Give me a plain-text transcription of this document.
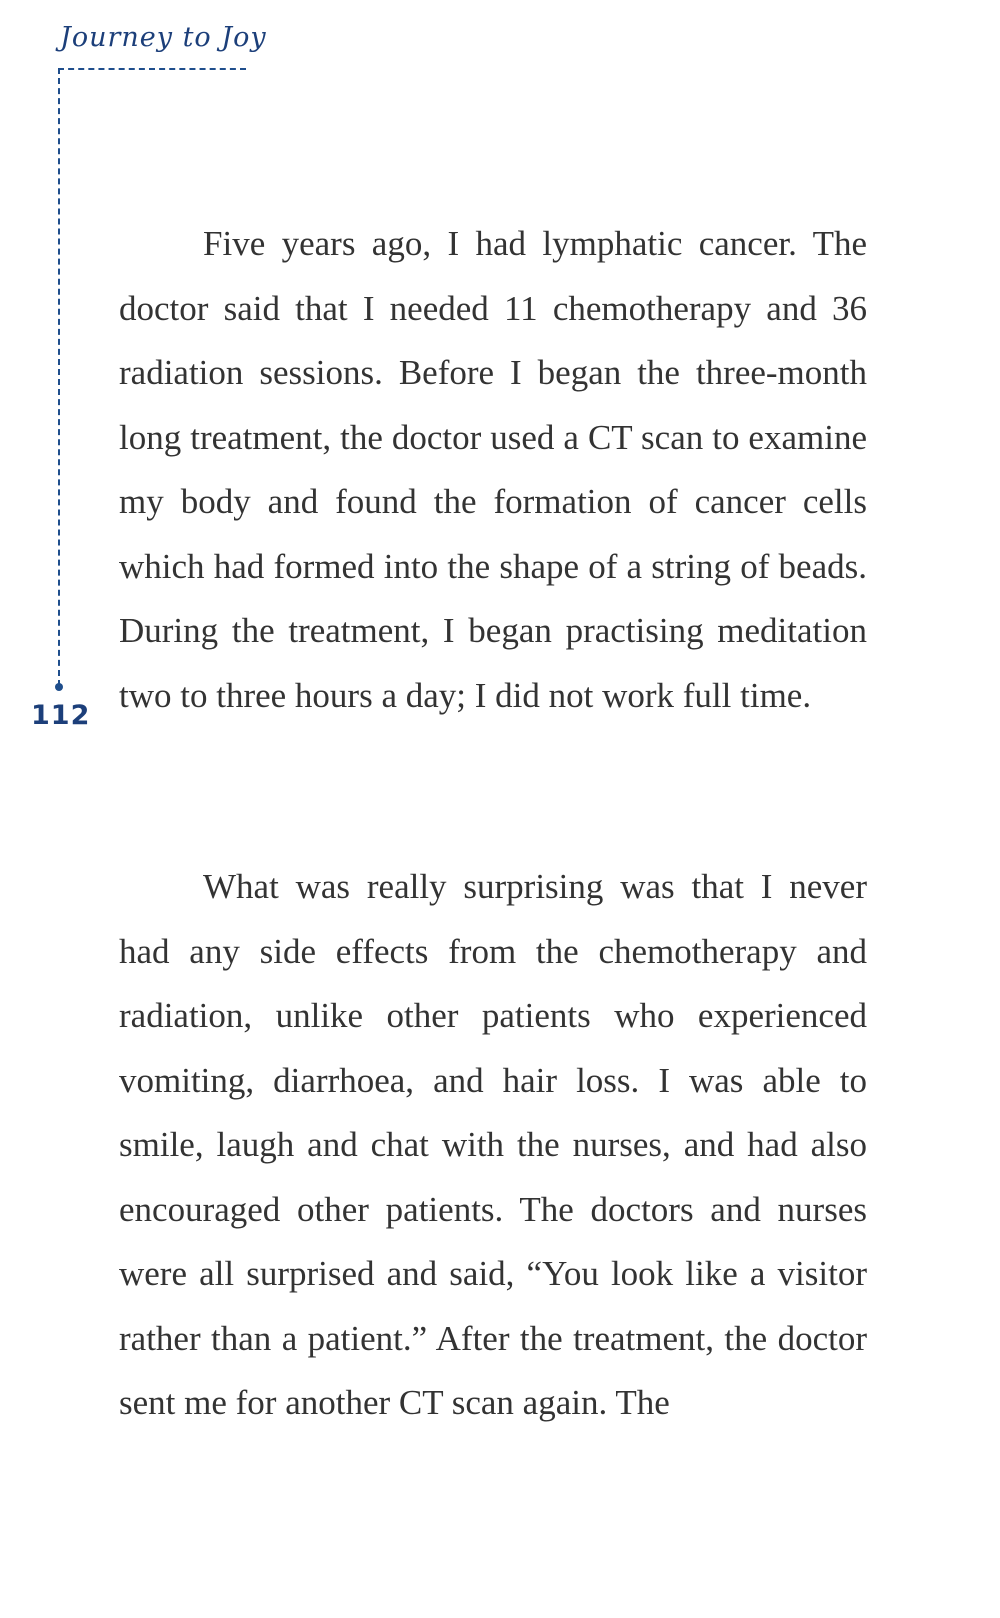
Journey to Joy
112

Five years ago, I had lymphatic cancer. The doctor said that I needed 11 chemotherapy and 36 radiation sessions. Before I began the three-month long treatment, the doctor used a CT scan to examine my body and found the formation of cancer cells which had formed into the shape of a string of beads. During the treatment, I began practising meditation two to three hours a day; I did not work full time.

What was really surprising was that I never had any side effects from the chemotherapy and radiation, unlike other patients who experienced vomiting, diarrhoea, and hair loss. I was able to smile, laugh and chat with the nurses, and had also encouraged other patients. The doctors and nurses were all surprised and said, “You look like a visitor rather than a patient.” After the treatment, the doctor sent me for another CT scan again. The
